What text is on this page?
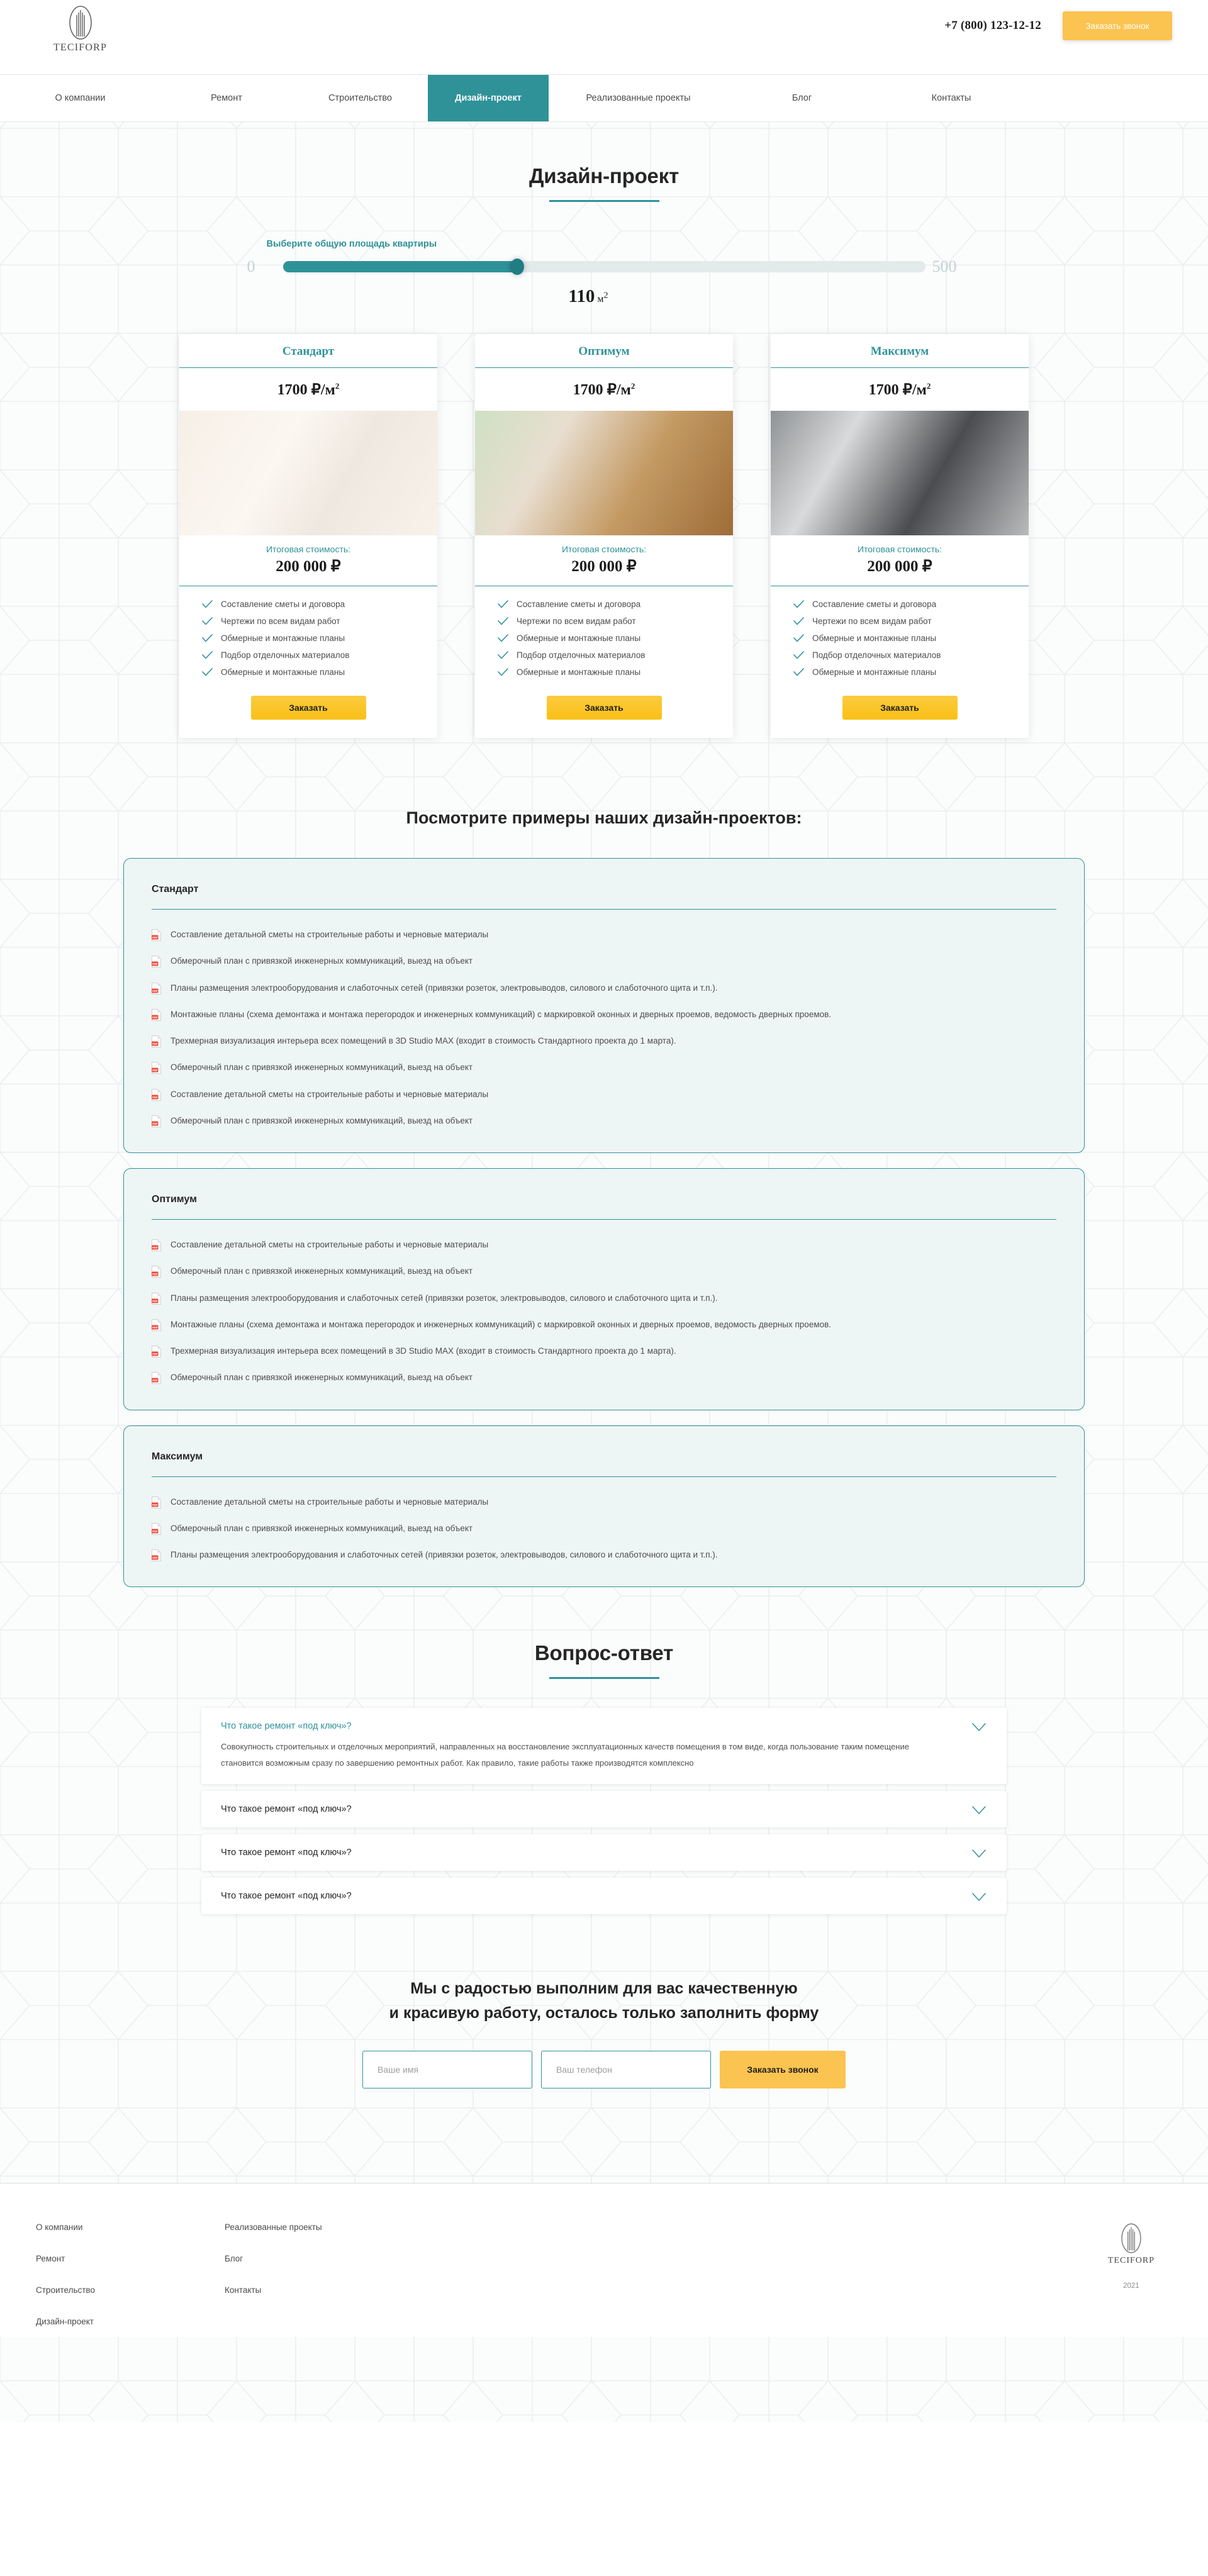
TECIFORP
+7 (800) 123-12-12	Заказать звонок
О компании	Ремонт	Строительство	Дизайн-проект	Реализованные проекты	Блог	Контакты
Дизайн-проект
Выберите общую площадь квартиры
0	500
110 $м^2$
Стандарт
1700 $₽/м^2$
Итоговая стоимость:
200 000 ₽
Составление сметы и договора
Чертежи по всем видам работ
Обмерные и монтажные планы
Подбор отделочных материалов
Обмерные и монтажные планы
Заказать
Оптимум
1700 $₽/м^2$
Итоговая стоимость:
200 000 ₽
Составление сметы и договора
Чертежи по всем видам работ
Обмерные и монтажные планы
Подбор отделочных материалов
Обмерные и монтажные планы
Заказать
Максимум
1700 $₽/м^2$
Итоговая стоимость:
200 000 ₽
Составление сметы и договора
Чертежи по всем видам работ
Обмерные и монтажные планы
Подбор отделочных материалов
Обмерные и монтажные планы
Заказать
Посмотрите примеры наших дизайн-проектов:
Стандарт
PDF Составление детальной сметы на строительные работы и черновые материалы
PDF Обмерочный план с привязкой инженерных коммуникаций, выезд на объект
PDF Планы размещения электрооборудования и слаботочных сетей (привязки розеток, электровыводов, силового и слаботочного щита и т.п.).
PDF Монтажные планы (схема демонтажа и монтажа перегородок и инженерных коммуникаций) с маркировкой оконных и дверных проемов, ведомость дверных проемов.
PDF Трехмерная визуализация интерьера всех помещений в 3D Studio MAX (входит в стоимость Стандартного проекта до 1 марта).
PDF Обмерочный план с привязкой инженерных коммуникаций, выезд на объект
PDF Составление детальной сметы на строительные работы и черновые материалы
PDF Обмерочный план с привязкой инженерных коммуникаций, выезд на объект
Оптимум
PDF Составление детальной сметы на строительные работы и черновые материалы
PDF Обмерочный план с привязкой инженерных коммуникаций, выезд на объект
PDF Планы размещения электрооборудования и слаботочных сетей (привязки розеток, электровыводов, силового и слаботочного щита и т.п.).
PDF Монтажные планы (схема демонтажа и монтажа перегородок и инженерных коммуникаций) с маркировкой оконных и дверных проемов, ведомость дверных проемов.
PDF Трехмерная визуализация интерьера всех помещений в 3D Studio MAX (входит в стоимость Стандартного проекта до 1 марта).
PDF Обмерочный план с привязкой инженерных коммуникаций, выезд на объект
Максимум
PDF Составление детальной сметы на строительные работы и черновые материалы
PDF Обмерочный план с привязкой инженерных коммуникаций, выезд на объект
PDF Планы размещения электрооборудования и слаботочных сетей (привязки розеток, электровыводов, силового и слаботочного щита и т.п.).
Вопрос-ответ
Что такое ремонт «под ключ»?
Совокупность строительных и отделочных мероприятий, направленных на восстановление эксплуатационных качеств помещения в том виде, когда пользование таким помещение становится возможным сразу по завершению ремонтных работ. Как правило, такие работы также производятся комплексно
Что такое ремонт «под ключ»?
Что такое ремонт «под ключ»?
Что такое ремонт «под ключ»?
Мы с радостью выполним для вас качественную
и красивую работу, осталось только заполнить форму
Ваше имя
Ваш телефон
Заказать звонок
О компании
Ремонт
Строительство
Дизайн-проект
Реализованные проекты
Блог
Контакты
TECIFORP
2021
